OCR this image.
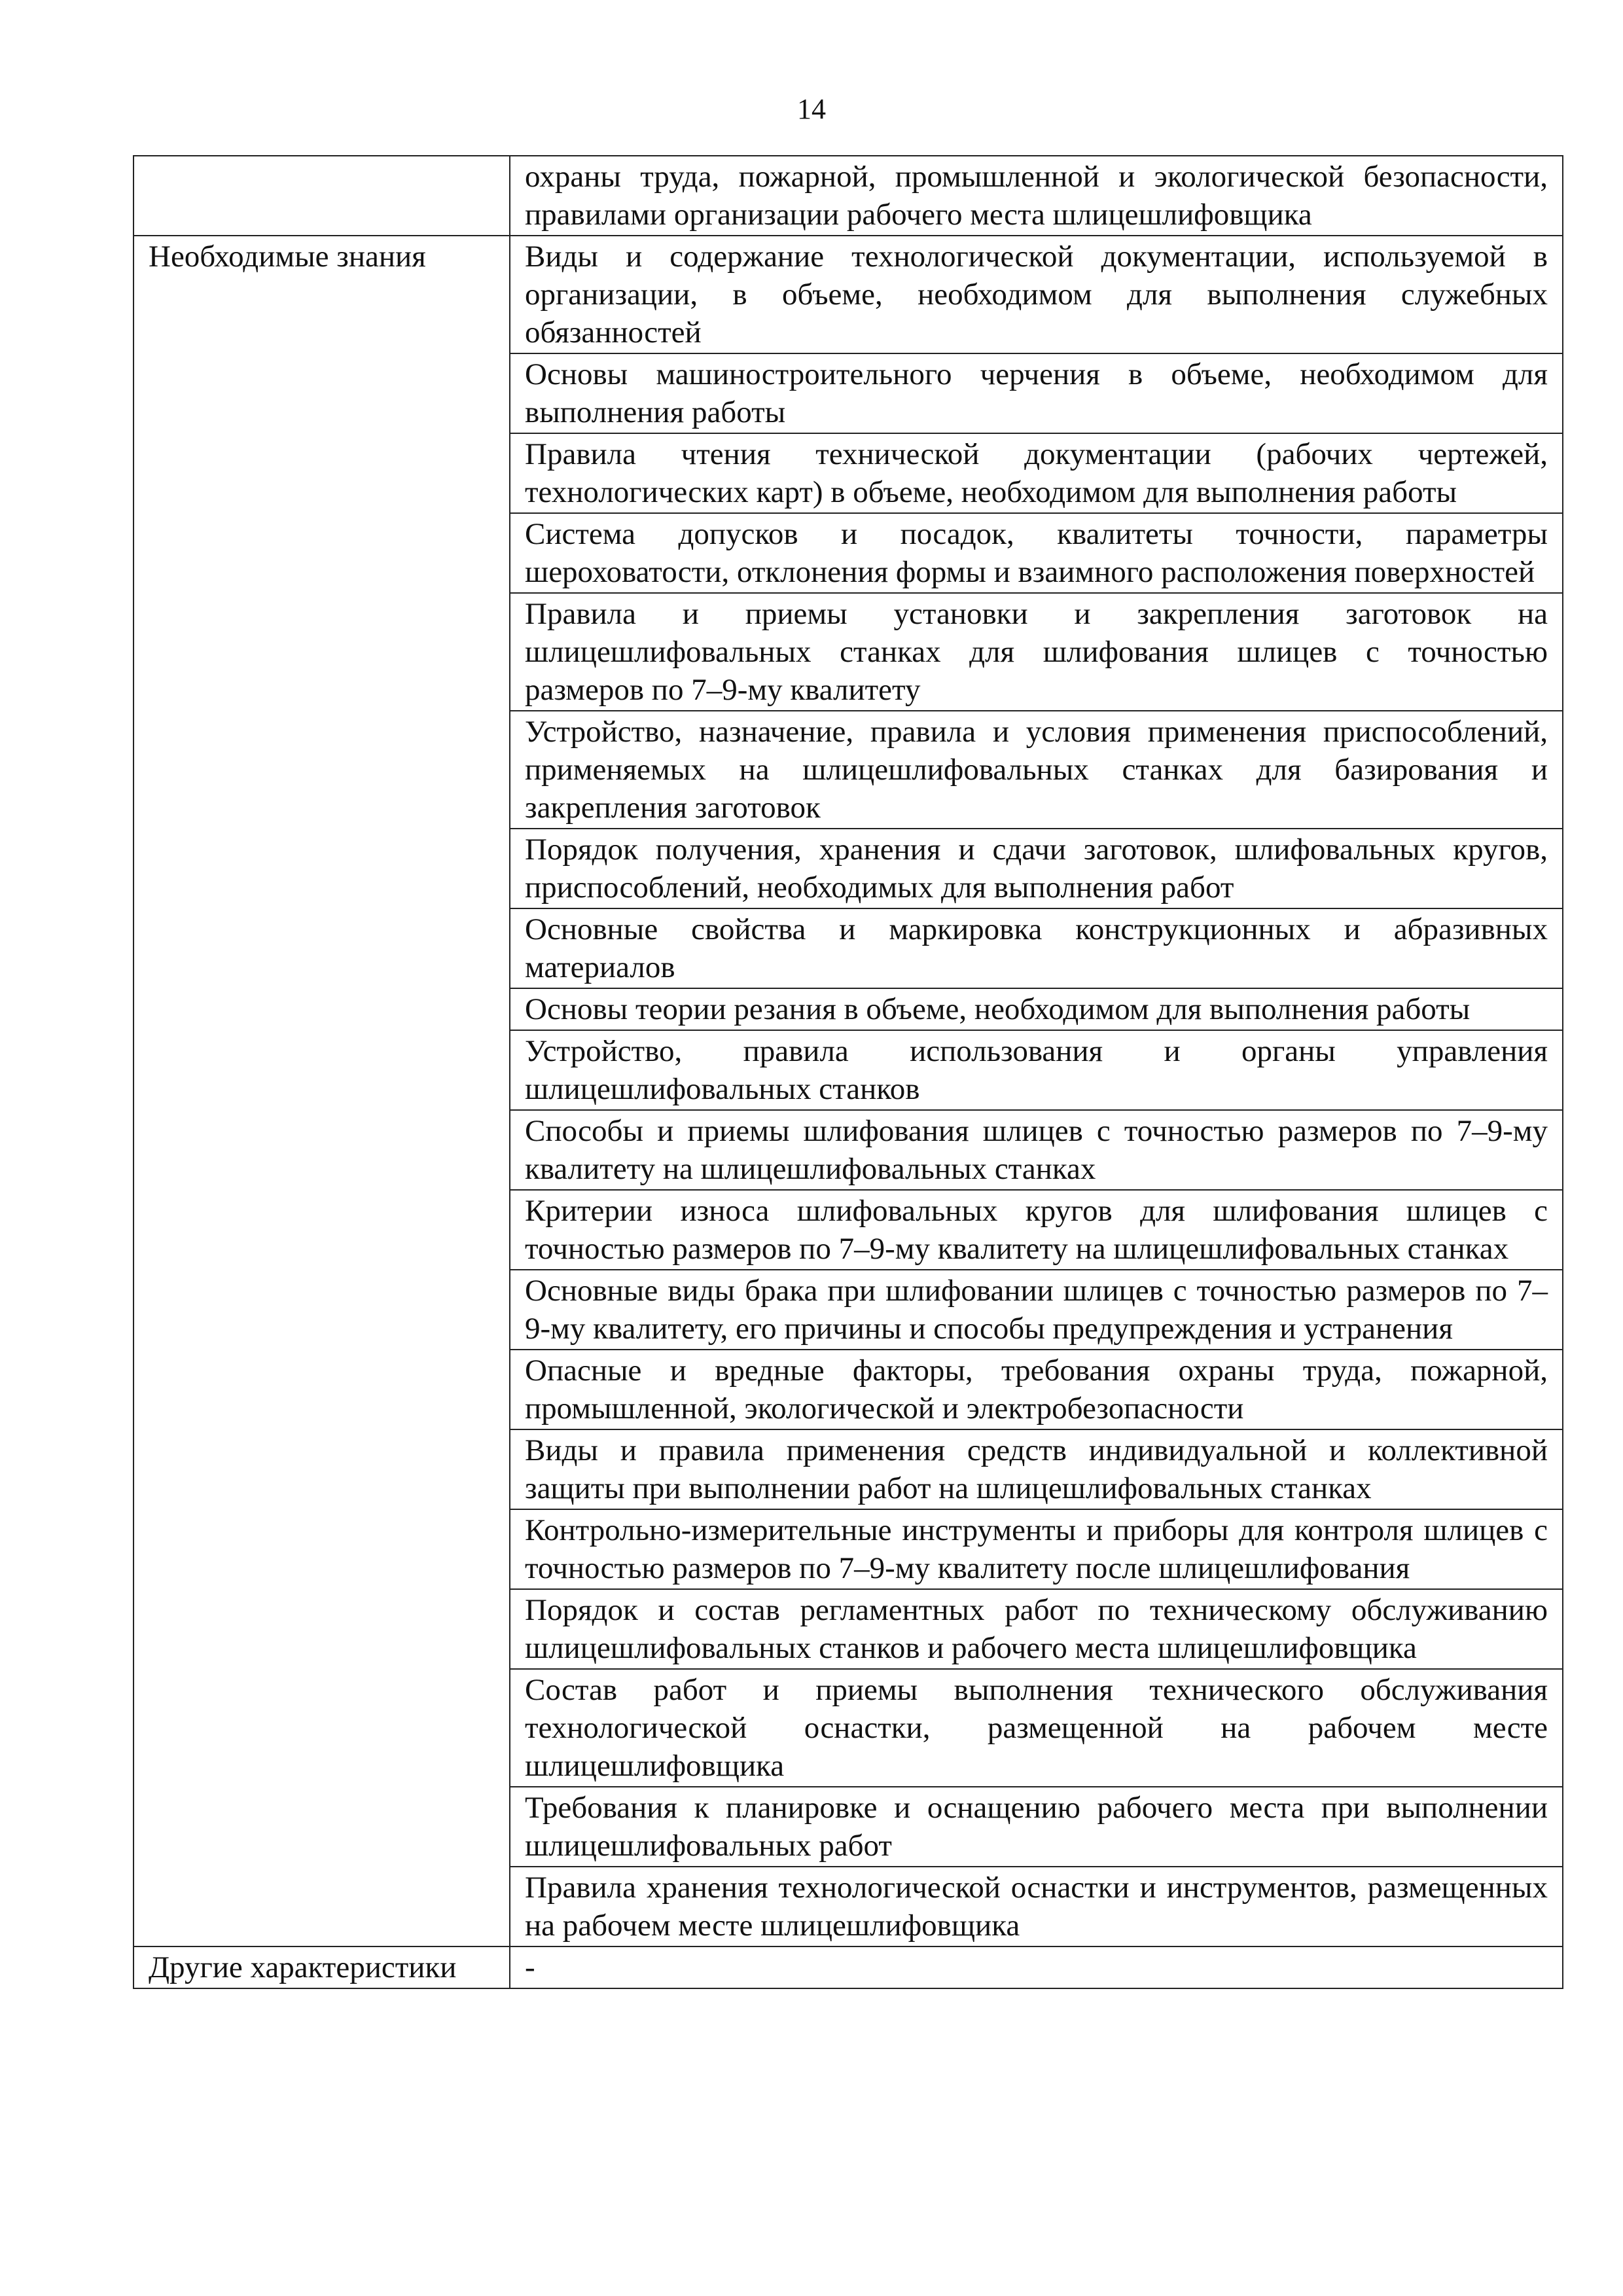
14
	охраны труда, пожарной, промышленной и экологической безопасности, правилами организации рабочего места шлицешлифовщика
Необходимые знания	Виды и содержание технологической документации, используемой в организации, в объеме, необходимом для выполнения служебных обязанностей
	Основы машиностроительного черчения в объеме, необходимом для выполнения работы
	Правила чтения технической документации (рабочих чертежей, технологических карт) в объеме, необходимом для выполнения работы
	Система допусков и посадок, квалитеты точности, параметры шероховатости, отклонения формы и взаимного расположения поверхностей
	Правила и приемы установки и закрепления заготовок на шлицешлифовальных станках для шлифования шлицев с точностью размеров по 7–9-му квалитету
	Устройство, назначение, правила и условия применения приспособлений, применяемых на шлицешлифовальных станках для базирования и закрепления заготовок
	Порядок получения, хранения и сдачи заготовок, шлифовальных кругов, приспособлений, необходимых для выполнения работ
	Основные свойства и маркировка конструкционных и абразивных материалов
	Основы теории резания в объеме, необходимом для выполнения работы
	Устройство, правила использования и органы управления шлицешлифовальных станков
	Способы и приемы шлифования шлицев с точностью размеров по 7–9-му квалитету на шлицешлифовальных станках
	Критерии износа шлифовальных кругов для шлифования шлицев с точностью размеров по 7–9-му квалитету на шлицешлифовальных станках
	Основные виды брака при шлифовании шлицев с точностью размеров по 7–9-му квалитету, его причины и способы предупреждения и устранения
	Опасные и вредные факторы, требования охраны труда, пожарной, промышленной, экологической и электробезопасности
	Виды и правила применения средств индивидуальной и коллективной защиты при выполнении работ на шлицешлифовальных станках
	Контрольно-измерительные инструменты и приборы для контроля шлицев с точностью размеров по 7–9-му квалитету после шлицешлифования
	Порядок и состав регламентных работ по техническому обслуживанию шлицешлифовальных станков и рабочего места шлицешлифовщика
	Состав работ и приемы выполнения технического обслуживания технологической оснастки, размещенной на рабочем месте шлицешлифовщика
	Требования к планировке и оснащению рабочего места при выполнении шлицешлифовальных работ
	Правила хранения технологической оснастки и инструментов, размещенных на рабочем месте шлицешлифовщика
Другие характеристики	-
